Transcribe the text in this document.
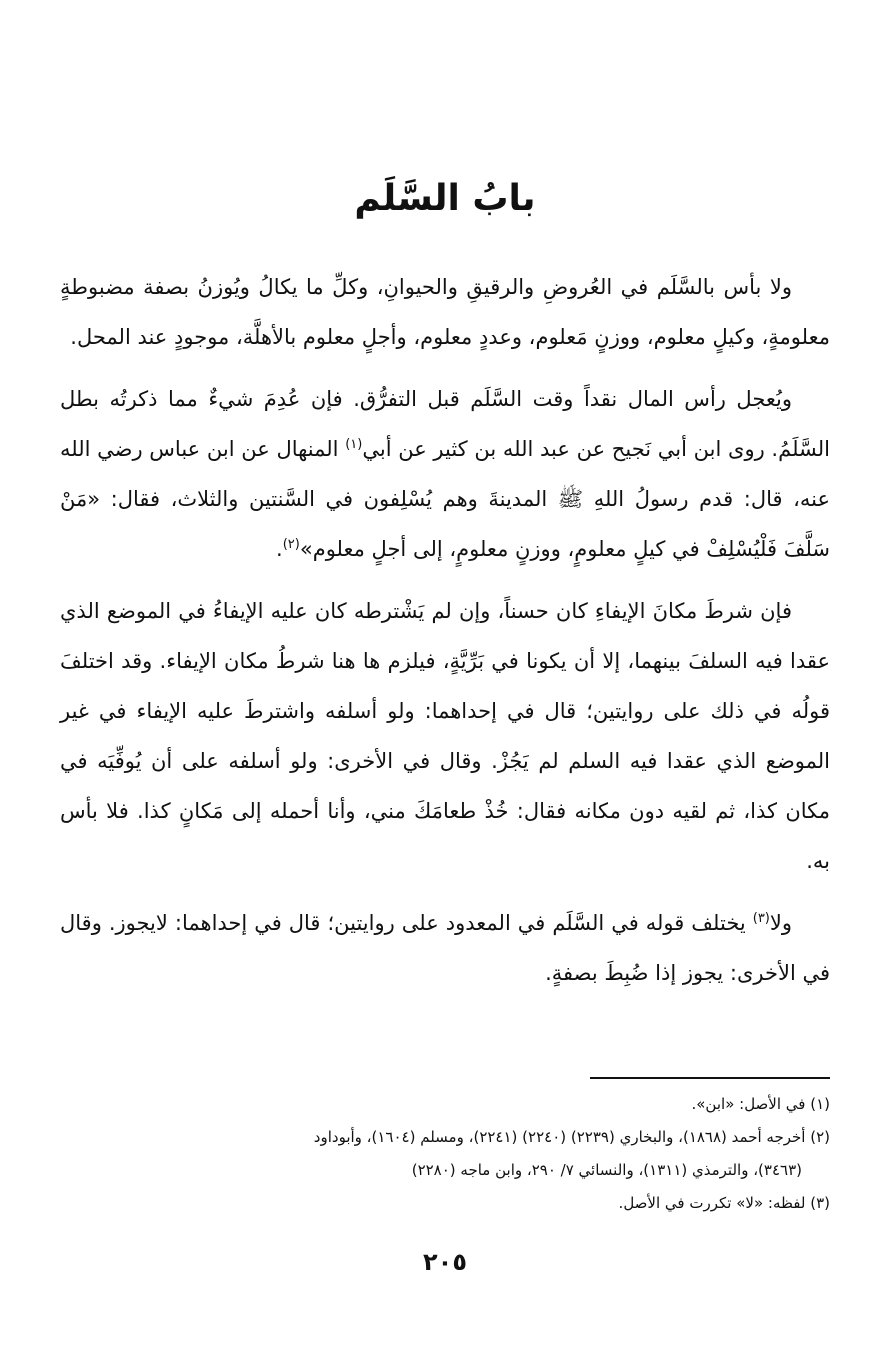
بابُ السَّلَم

ولا بأس بالسَّلَم في العُروضِ والرقيقِ والحيوانِ، وكلِّ ما يكالُ ويُوزنُ بصفة مضبوطةٍ معلومةٍ، وكيلٍ معلوم، ووزنٍ مَعلوم، وعددٍ معلوم، وأجلٍ معلوم بالأهلَّة، موجودٍ عند المحل.

ويُعجل رأس المال نقداً وقت السَّلَم قبل التفرُّق. فإن عُدِمَ شيءٌ مما ذكرتُه بطل السَّلَمُ. روى ابن أبي نَجيح عن عبد الله بن كثير عن أبي$^{(١)}$ المنهال عن ابن عباس رضي الله عنه، قال: قدم رسولُ اللهِ ﷺ المدينةَ وهم يُسْلِفون في السَّنتين والثلاث، فقال: «مَنْ سَلَّفَ فَلْيُسْلِفْ في كيلٍ معلومٍ، ووزنٍ معلومٍ، إلى أجلٍ معلوم»$^{(٢)}$.

فإن شرطَ مكانَ الإيفاءِ كان حسناً، وإن لم يَشْترطه كان عليه الإيفاءُ في الموضع الذي عقدا فيه السلفَ بينهما، إلا أن يكونا في بَرِّيَّةٍ، فيلزم ها هنا شرطُ مكان الإيفاء. وقد اختلفَ قولُه في ذلك على روايتين؛ قال في إحداهما: ولو أسلفه واشترطَ عليه الإيفاء في غير الموضع الذي عقدا فيه السلم لم يَجُزْ. وقال في الأخرى: ولو أسلفه على أن يُوفِّيَه في مكان كذا، ثم لقيه دون مكانه فقال: خُذْ طعامَكَ مني، وأنا أحمله إلى مَكانٍ كذا. فلا بأس به.

ولا$^{(٣)}$ يختلف قوله في السَّلَم في المعدود على روايتين؛ قال في إحداهما: لايجوز. وقال في الأخرى: يجوز إذا ضُبِطَ بصفةٍ.

(١) في الأصل: «ابن».

(٢) أخرجه أحمد (١٨٦٨)، والبخاري (٢٢٣٩) (٢٢٤٠) (٢٢٤١)، ومسلم (١٦٠٤)، وأبوداود

(٣٤٦٣)، والترمذي (١٣١١)، والنسائي ٧/ ٢٩٠، وابن ماجه (٢٢٨٠)

(٣) لفظه: «لا» تكررت في الأصل.

٢٠٥
